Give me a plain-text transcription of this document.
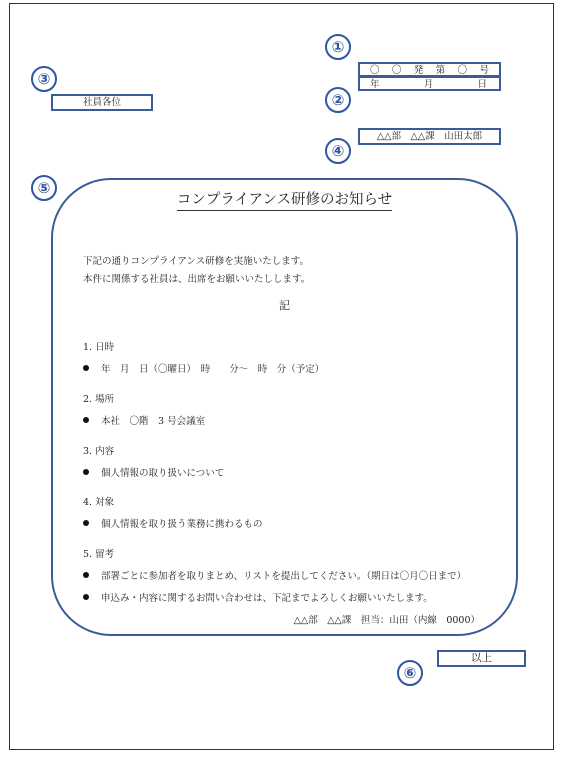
①
②
③
④
⑤
⑥
〇 〇 発 第 〇 号
年	月	日
社員各位
△△部　△△課　山田太郎
コンプライアンス研修のお知らせ
下記の通りコンプライアンス研修を実施いたします。
本件に関係する社員は、出席をお願いいたしします。
記
1. 日時
年　月　日（〇曜日）　時　　分～　時　分（予定）
2. 場所
本社　〇階　3 号会議室
3. 内容
個人情報の取り扱いについて
4. 対象
個人情報を取り扱う業務に携わるもの
5. 留考
部署ごとに参加者を取りまとめ、リストを提出してください。（期日は〇月〇日まで）
申込み・内容に関するお問い合わせは、下記までよろしくお願いいたします。
△△部　△△課　担当：山田（内線　0000）
以上
